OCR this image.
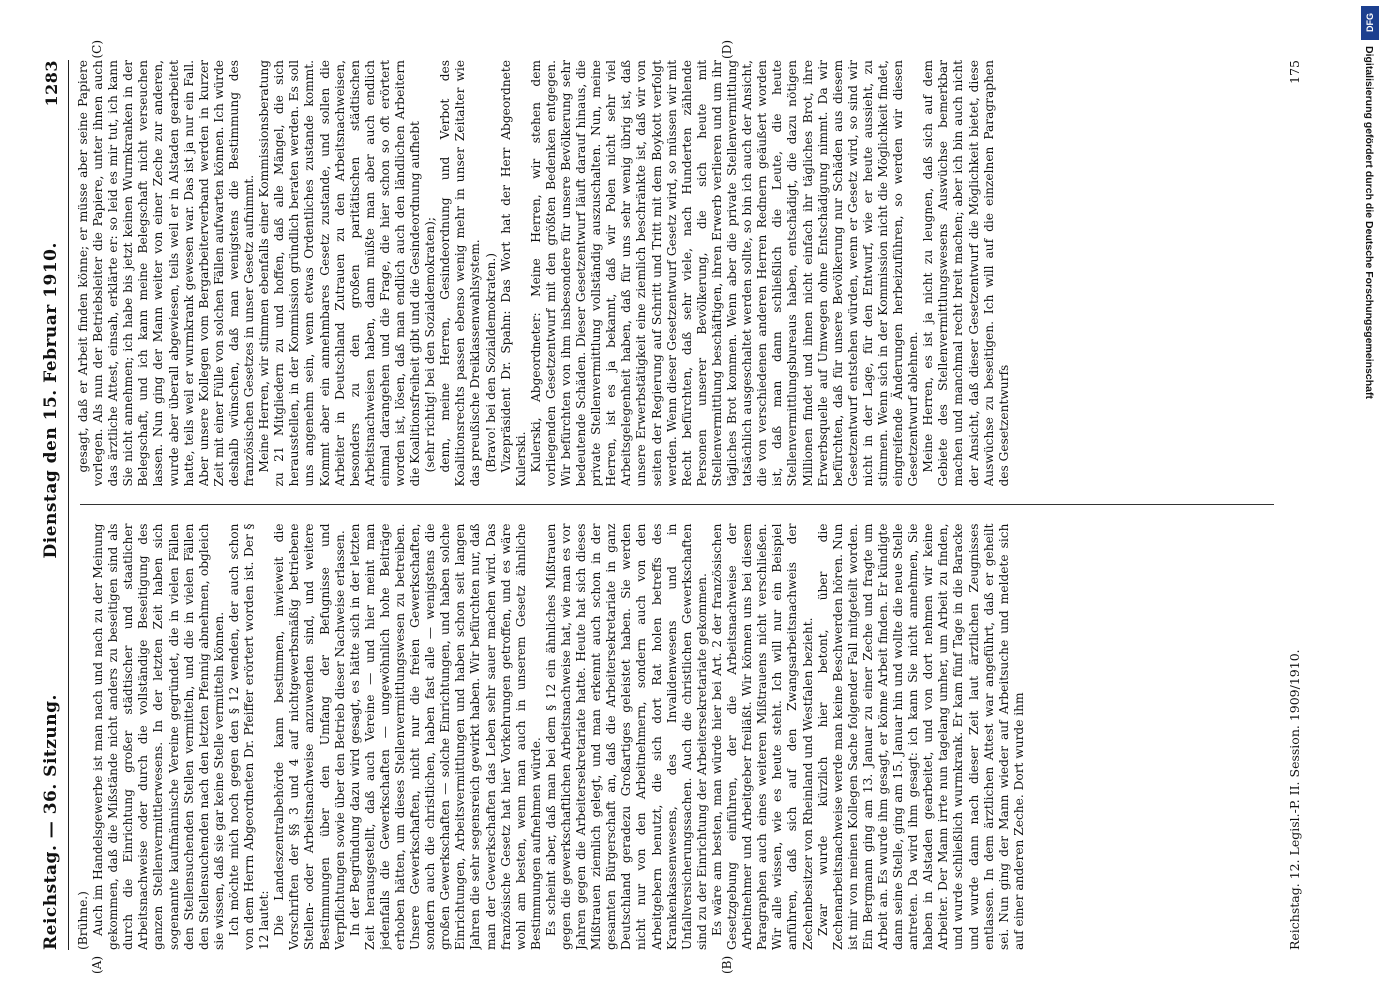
Reichstag. — 36. Sitzung.
Dienstag den 15. Februar 1910.
1283

(Brühne.) Auch im Handelsgewerbe ist man nach und nach zu der Meinung gekommen, daß die Mißstände nicht anders zu beseitigen sind als durch die Einrichtung großer städtischer und staatlicher Arbeitsnachweise oder durch die vollständige Beseitigung des ganzen Stellenvermittlerwesens. In der letzten Zeit haben sich sogenannte kaufmännische Vereine gegründet, die in vielen Fällen den Stellensuchenden Stellen vermitteln, und die in vielen Fällen den Stellensuchenden nach den letzten Pfennig abnehmen, obgleich sie wissen, daß sie gar keine Stelle vermitteln können. Ich möchte mich noch gegen den § 12 wenden, der auch schon von dem Herrn Abgeordneten Dr. Pfeiffer erörtert worden ist. Der § 12 lautet: Die Landeszentralbehörde kann bestimmen, inwieweit die Vorschriften der §§ 3 und 4 auf nichtgewerbsmäßig betriebene Stellen- oder Arbeitsnachweise anzuwenden sind, und weitere Bestimmungen über den Umfang der Befugnisse und Verpflichtungen sowie über den Betrieb dieser Nachweise erlassen. In der Begründung dazu wird gesagt, es hätte sich in der letzten Zeit herausgestellt, daß auch Vereine — und hier meint man jedenfalls die Gewerkschaften — ungewöhnlich hohe Beiträge erhoben hätten, um dieses Stellenvermittlungswesen zu betreiben. Unsere Gewerkschaften, nicht nur die freien Gewerkschaften, sondern auch die christlichen, haben fast alle — wenigstens die großen Gewerkschaften — solche Einrichtungen, und haben solche Einrichtungen, Arbeitsvermittlungen und haben schon seit langen Jahren die sehr segensreich gewirkt haben. Wir befürchten nur, daß man der Gewerkschaften das Leben sehr sauer machen wird. Das französische Gesetz hat hier Vorkehrungen getroffen, und es wäre wohl am besten, wenn man auch in unserem Gesetz ähnliche Bestimmungen aufnehmen würde. Es scheint aber, daß man bei dem § 12 ein ähnliches Mißtrauen gegen die gewerkschaftlichen Arbeitsnachweise hat, wie man es vor Jahren gegen die Arbeitersekretariate hatte. Heute hat sich dieses Mißtrauen ziemlich gelegt, und man erkennt auch schon in der gesamten Bürgerschaft an, daß die Arbeitersekretariate in ganz Deutschland geradezu Großartiges geleistet haben. Sie werden nicht nur von den Arbeitnehmern, sondern auch von den Arbeitgebern benutzt, die sich dort Rat holen betreffs des Krankenkassenwesens, des Invalidenwesens und in Unfallversicherungssachen. Auch die christlichen Gewerkschaften sind zu der Einrichtung der Arbeitersekretariate gekommen. Es wäre am besten, man würde hier bei Art. 2 der französischen Gesetzgebung einführen, der die Arbeitsnachweise der Arbeitnehmer und Arbeitgeber freiläßt. Wir können uns bei diesem Paragraphen auch eines weiteren Mißtrauens nicht verschließen. Wir alle wissen, wie es heute steht. Ich will nur ein Beispiel anführen, daß sich auf den Zwangsarbeitsnachweis der Zechenbesitzer von Rheinland und Westfalen bezieht. Zwar wurde kürzlich hier betont, über die Zechenarbeitsnachweise werde man keine Beschwerden hören. Nun ist mir von meinen Kollegen Sache folgender Fall mitgeteilt worden. Ein Bergmann ging am 13. Januar zu einer Zeche und fragte um Arbeit an. Es wurde ihm gesagt, er könne Arbeit finden. Er kündigte dann seine Stelle, ging am 15. Januar hin und wollte die neue Stelle antreten. Da wird ihm gesagt: ich kann Sie nicht annehmen, Sie haben in Alstaden gearbeitet, und von dort nehmen wir keine Arbeiter. Der Mann irrte nun tagelang umher, um Arbeit zu finden, und wurde schließlich wurmkrank. Er kam fünf Tage in die Baracke und wurde dann nach dieser Zeit laut ärztlichen Zeugnisses entlassen. In dem ärztlichen Attest war angeführt, daß er geheilt sei. Nun ging der Mann wieder auf Arbeitsuche und meldete sich auf einer anderen Zeche. Dort wurde ihm

gesagt, daß er Arbeit finden könne; er müsse aber seine Papiere vorlegen. Als nun der Betriebsleiter die Papiere, unter ihnen auch das ärztliche Attest, einsah, erklärte er: so leid es mir tut, ich kann Sie nicht annehmen; ich habe bis jetzt keinen Wurmkranken in der Belegschaft, und ich kann meine Belegschaft nicht verseuchen lassen. Nun ging der Mann weiter von einer Zeche zur anderen, wurde aber überall abgewiesen, teils weil er in Alstaden gearbeitet hatte, teils weil er wurmkrank gewesen war. Das ist ja nur ein Fall. Aber unsere Kollegen vom Bergarbeiterverband werden in kurzer Zeit mit einer Fülle von solchen Fällen aufwarten können. Ich würde deshalb wünschen, daß man wenigstens die Bestimmung des französischen Gesetzes in unser Gesetz aufnimmt. Meine Herren, wir stimmen ebenfalls einer Kommissionsberatung zu 21 Mitgliedern zu und hoffen, daß alle Mängel, die sich herausstellen, in der Kommission gründlich beraten werden. Es soll uns angenehm sein, wenn etwas Ordentliches zustande kommt. Kommt aber ein annehmbares Gesetz zustande, und sollen die Arbeiter in Deutschland Zutrauen zu den Arbeitsnachweisen, besonders zu den großen paritätischen städtischen Arbeitsnachweisen haben, dann müßte man aber auch endlich einmal darangehen und die Frage, die hier schon so oft erörtert worden ist, lösen, daß man endlich auch den ländlichen Arbeitern die Koalitionsfreiheit gibt und die Gesindeordnung aufhebt (sehr richtig! bei den Sozialdemokraten); denn, meine Herren, Gesindeordnung und Verbot des Koalitionsrechts passen ebenso wenig mehr in unser Zeitalter wie das preußische Dreiklassenwahlsystem. (Bravo! bei den Sozialdemokraten.) Vizepräsident Dr. Spahn: Das Wort hat der Herr Abgeordnete Kulerski. Kulerski, Abgeordneter: Meine Herren, wir stehen dem vorliegenden Gesetzentwurf mit den größten Bedenken entgegen. Wir befürchten von ihm insbesondere für unsere Bevölkerung sehr bedeutende Schäden. Dieser Gesetzentwurf läuft darauf hinaus, die private Stellenvermittlung vollständig auszuschalten. Nun, meine Herren, ist es ja bekannt, daß wir Polen nicht sehr viel Arbeitsgelegenheit haben, daß für uns sehr wenig übrig ist, daß unsere Erwerbstätigkeit eine ziemlich beschränkte ist, daß wir von seiten der Regierung auf Schritt und Tritt mit dem Boykott verfolgt werden. Wenn dieser Gesetzentwurf Gesetz wird, so müssen wir mit Recht befürchten, daß sehr viele, nach Hunderten zählende Personen unserer Bevölkerung, die sich heute mit Stellenvermittlung beschäftigen, ihren Erwerb verlieren und um ihr tägliches Brot kommen. Wenn aber die private Stellenvermittlung tatsächlich ausgeschaltet werden sollte, so bin ich auch der Ansicht, die von verschiedenen anderen Herren Rednern geäußert worden ist, daß man dann schließlich die Leute, die heute Stellenvermittlungsbureaus haben, entschädigt, die dazu nötigen Millionen findet und ihnen nicht einfach ihr tägliches Brot, ihre Erwerbsquelle auf Umwegen ohne Entschädigung nimmt. Da wir befürchten, daß für unsere Bevölkerung nur Schäden aus diesem Gesetzentwurf entstehen würden, wenn er Gesetz wird, so sind wir nicht in der Lage, für den Entwurf, wie er heute aussieht, zu stimmen. Wenn sich in der Kommission nicht die Möglichkeit findet, eingreifende Änderungen herbeizuführen, so werden wir diesen Gesetzentwurf ablehnen. Meine Herren, es ist ja nicht zu leugnen, daß sich auf dem Gebiete des Stellenvermittlungswesens Auswüchse bemerkbar machen und manchmal recht breit machen; aber ich bin auch nicht der Ansicht, daß dieser Gesetzentwurf die Möglichkeit bietet, diese Auswüchse zu beseitigen. Ich will auf die einzelnen Paragraphen des Gesetzentwurfs

Reichstag. 12. Legisl.-P. II. Session. 1909/1910.
175
(A)	(B)
(C)	(D)
DFG
Digitalisierung gefördert durch die Deutsche Forschungsgemeinschaft
